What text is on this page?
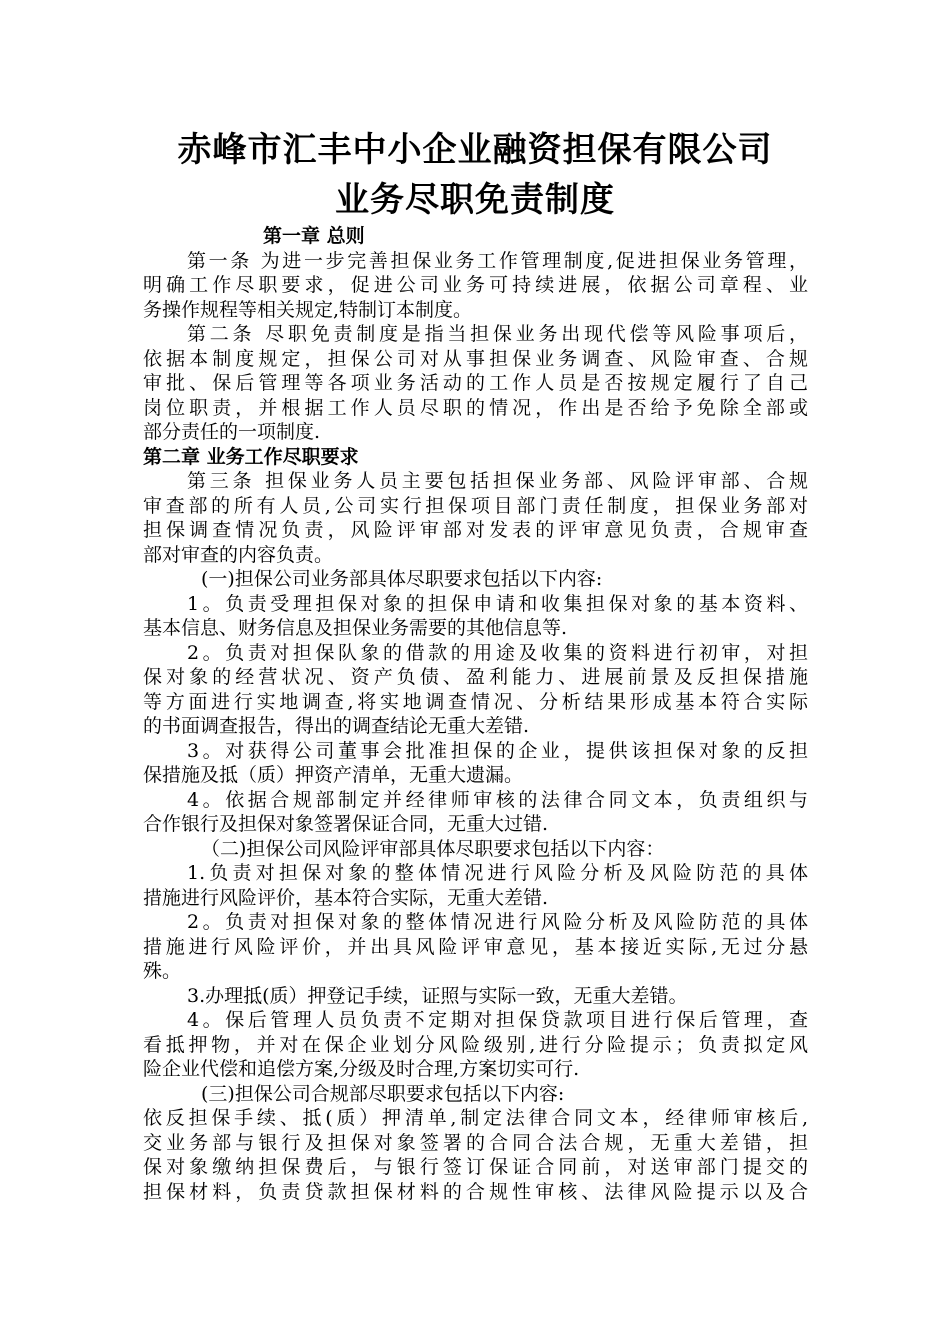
赤峰市汇丰中小企业融资担保有限公司
业务尽职免责制度
第一章 总则
第一条 为进一步完善担保业务工作管理制度,促进担保业务管理，
明确工作尽职要求，促进公司业务可持续进展，依据公司章程、业
务操作规程等相关规定,特制订本制度。
第二条 尽职免责制度是指当担保业务出现代偿等风险事项后，
依据本制度规定，担保公司对从事担保业务调查、风险审查、合规
审批、保后管理等各项业务活动的工作人员是否按规定履行了自己
岗位职责，并根据工作人员尽职的情况，作出是否给予免除全部或
部分责任的一项制度.
第二章 业务工作尽职要求
第三条 担保业务人员主要包括担保业务部、风险评审部、合规
审查部的所有人员,公司实行担保项目部门责任制度，担保业务部对
担保调查情况负责，风险评审部对发表的评审意见负责，合规审查
部对审查的内容负责。
(一)担保公司业务部具体尽职要求包括以下内容:
1。负责受理担保对象的担保申请和收集担保对象的基本资料、
基本信息、财务信息及担保业务需要的其他信息等.
2。负责对担保队象的借款的用途及收集的资料进行初审，对担
保对象的经营状况、资产负债、盈利能力、进展前景及反担保措施
等方面进行实地调查,将实地调查情况、分析结果形成基本符合实际
的书面调查报告，得出的调查结论无重大差错.
3。对获得公司董事会批准担保的企业，提供该担保对象的反担
保措施及抵（质）押资产清单，无重大遗漏。
4。依据合规部制定并经律师审核的法律合同文本，负责组织与
合作银行及担保对象签署保证合同，无重大过错.
（二)担保公司风险评审部具体尽职要求包括以下内容：
1.负责对担保对象的整体情况进行风险分析及风险防范的具体
措施进行风险评价，基本符合实际，无重大差错.
2。负责对担保对象的整体情况进行风险分析及风险防范的具体
措施进行风险评价，并出具风险评审意见，基本接近实际,无过分悬
殊。
3.办理抵(质）押登记手续，证照与实际一致，无重大差错。
4。保后管理人员负责不定期对担保贷款项目进行保后管理，查
看抵押物，并对在保企业划分风险级别,进行分险提示；负责拟定风
险企业代偿和追偿方案,分级及时合理,方案切实可行.
(三)担保公司合规部尽职要求包括以下内容:
依反担保手续、抵(质）押清单,制定法律合同文本，经律师审核后,
交业务部与银行及担保对象签署的合同合法合规，无重大差错，担
保对象缴纳担保费后，与银行签订保证合同前，对送审部门提交的
担保材料，负责贷款担保材料的合规性审核、法律风险提示以及合
